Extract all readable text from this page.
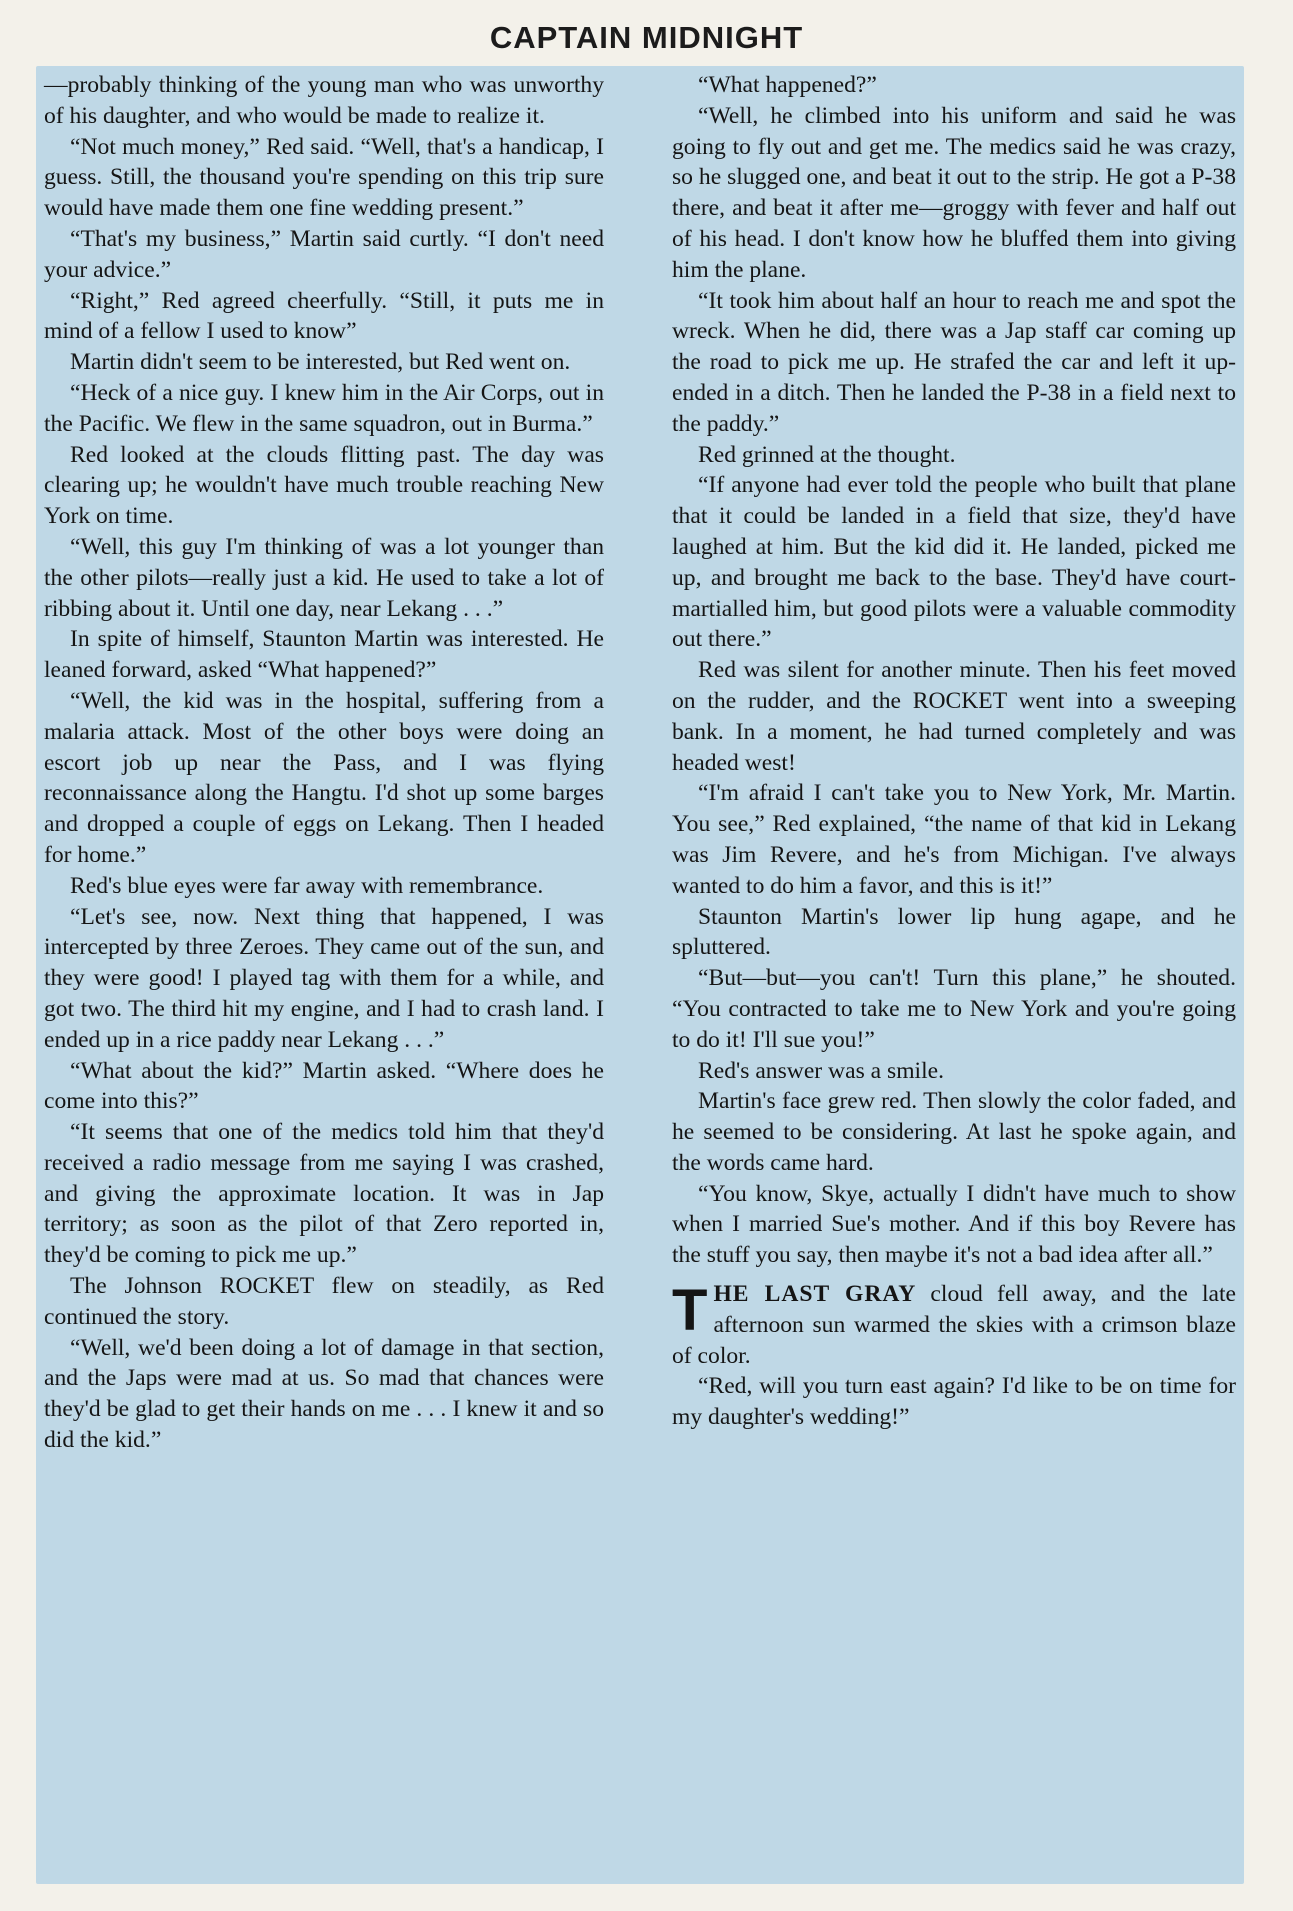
CAPTAIN MIDNIGHT

—probably thinking of the young man who was unworthy of his daughter, and who would be made to realize it.

“Not much money,” Red said. “Well, that's a handicap, I guess. Still, the thousand you're spending on this trip sure would have made them one fine wedding present.”

“That's my business,” Martin said curtly. “I don't need your advice.”

“Right,” Red agreed cheerfully. “Still, it puts me in mind of a fellow I used to know”

Martin didn't seem to be interested, but Red went on.

“Heck of a nice guy. I knew him in the Air Corps, out in the Pacific. We flew in the same squadron, out in Burma.”

Red looked at the clouds flitting past. The day was clearing up; he wouldn't have much trouble reaching New York on time.

“Well, this guy I'm thinking of was a lot younger than the other pilots—really just a kid. He used to take a lot of ribbing about it. Until one day, near Lekang . . .”

In spite of himself, Staunton Martin was interested. He leaned forward, asked “What happened?”

“Well, the kid was in the hospital, suffering from a malaria attack. Most of the other boys were doing an escort job up near the Pass, and I was flying reconnaissance along the Hangtu. I'd shot up some barges and dropped a couple of eggs on Lekang. Then I headed for home.”

Red's blue eyes were far away with remembrance.

“Let's see, now. Next thing that happened, I was intercepted by three Zeroes. They came out of the sun, and they were good! I played tag with them for a while, and got two. The third hit my engine, and I had to crash land. I ended up in a rice paddy near Lekang . . .”

“What about the kid?” Martin asked. “Where does he come into this?”

“It seems that one of the medics told him that they'd received a radio message from me saying I was crashed, and giving the approximate location. It was in Jap territory; as soon as the pilot of that Zero reported in, they'd be coming to pick me up.”

The Johnson ROCKET flew on steadily, as Red continued the story.

“Well, we'd been doing a lot of damage in that section, and the Japs were mad at us. So mad that chances were they'd be glad to get their hands on me . . . I knew it and so did the kid.”

“What happened?”

“Well, he climbed into his uniform and said he was going to fly out and get me. The medics said he was crazy, so he slugged one, and beat it out to the strip. He got a P-38 there, and beat it after me—groggy with fever and half out of his head. I don't know how he bluffed them into giving him the plane.

“It took him about half an hour to reach me and spot the wreck. When he did, there was a Jap staff car coming up the road to pick me up. He strafed the car and left it up-ended in a ditch. Then he landed the P-38 in a field next to the paddy.”

Red grinned at the thought.

“If anyone had ever told the people who built that plane that it could be landed in a field that size, they'd have laughed at him. But the kid did it. He landed, picked me up, and brought me back to the base. They'd have court-martialled him, but good pilots were a valuable commodity out there.”

Red was silent for another minute. Then his feet moved on the rudder, and the ROCKET went into a sweeping bank. In a moment, he had turned completely and was headed west!

“I'm afraid I can't take you to New York, Mr. Martin. You see,” Red explained, “the name of that kid in Lekang was Jim Revere, and he's from Michigan. I've always wanted to do him a favor, and this is it!”

Staunton Martin's lower lip hung agape, and he spluttered.

“But—but—you can't! Turn this plane,” he shouted. “You contracted to take me to New York and you're going to do it! I'll sue you!”

Red's answer was a smile.

Martin's face grew red. Then slowly the color faded, and he seemed to be considering. At last he spoke again, and the words came hard.

“You know, Skye, actually I didn't have much to show when I married Sue's mother. And if this boy Revere has the stuff you say, then maybe it's not a bad idea after all.”

THE LAST GRAY cloud fell away, and the late afternoon sun warmed the skies with a crimson blaze of color.

“Red, will you turn east again? I'd like to be on time for my daughter's wedding!”
